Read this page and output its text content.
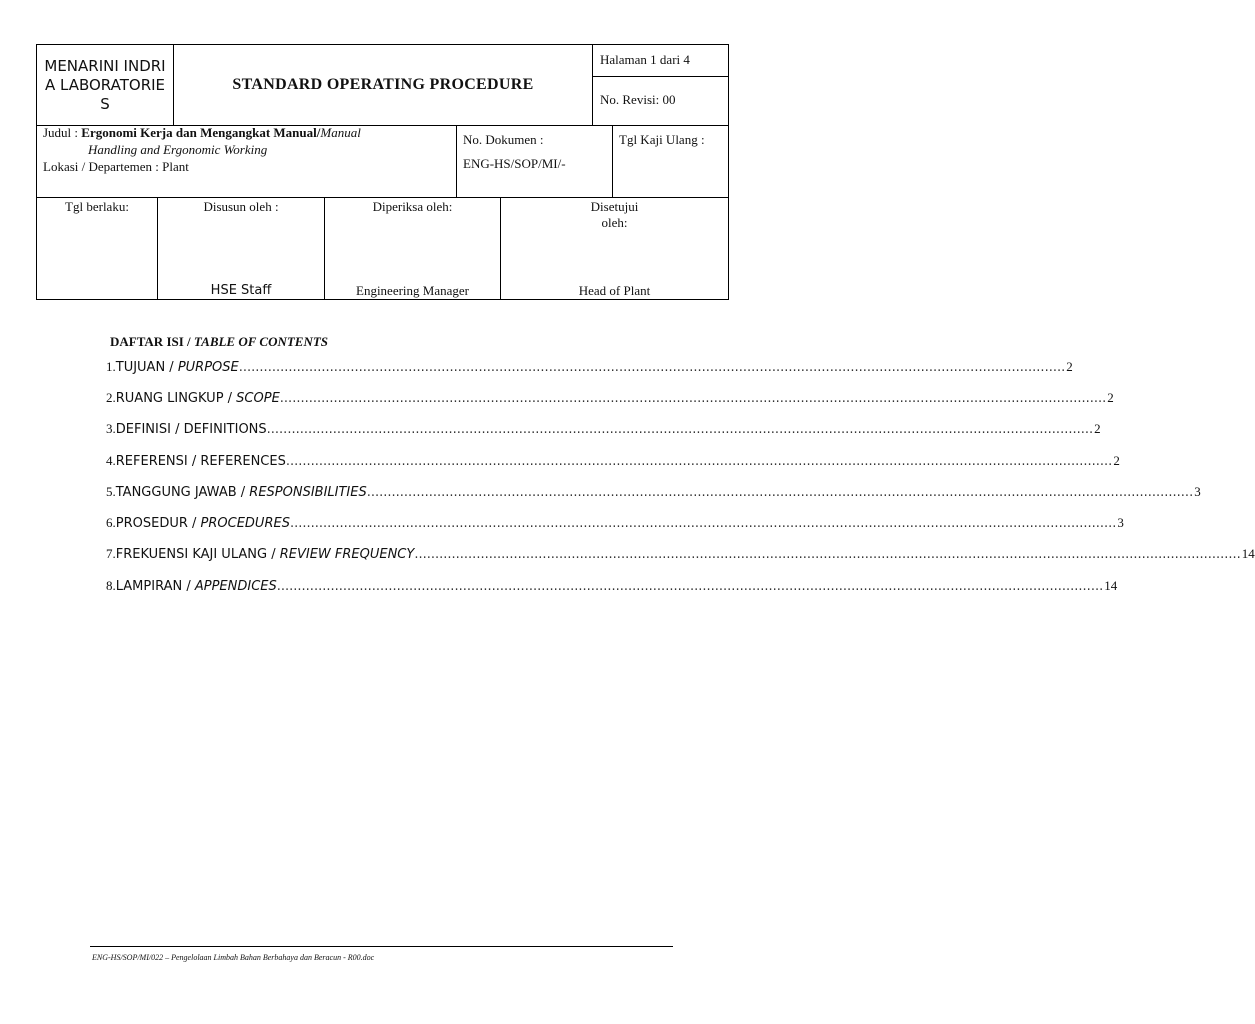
MENARINI INDRIA LABORATORIES
STANDARD OPERATING PROCEDURE
Halaman 1 dari 4
No. Revisi: 00
Judul : Ergonomi Kerja dan Mengangkat Manual/Manual
Handling and Ergonomic Working
Lokasi / Departemen : Plant
No. Dokumen :
ENG-HS/SOP/MI/-
Tgl Kaji Ulang :
Tgl berlaku:	Disusun oleh :
HSE Staff
Diperiksa oleh:
Engineering Manager
Disetujui
oleh:
Head of Plant
DAFTAR ISI / TABLE OF CONTENTS
1. TUJUAN / PURPOSE ........................................................................................................................................................................................................ 2
2. RUANG LINGKUP / SCOPE ........................................................................................................................................................................................................ 2
3. DEFINISI / DEFINITIONS ........................................................................................................................................................................................................ 2
4. REFERENSI / REFERENCES ........................................................................................................................................................................................................ 2
5. TANGGUNG JAWAB / RESPONSIBILITIES ........................................................................................................................................................................................................ 3
6. PROSEDUR / PROCEDURES ........................................................................................................................................................................................................ 3
7. FREKUENSI KAJI ULANG / REVIEW FREQUENCY ........................................................................................................................................................................................................ 14
8. LAMPIRAN / APPENDICES ........................................................................................................................................................................................................ 14
ENG-HS/SOP/MI/022 – Pengelolaan Limbah Bahan Berbahaya dan Beracun - R00.doc
